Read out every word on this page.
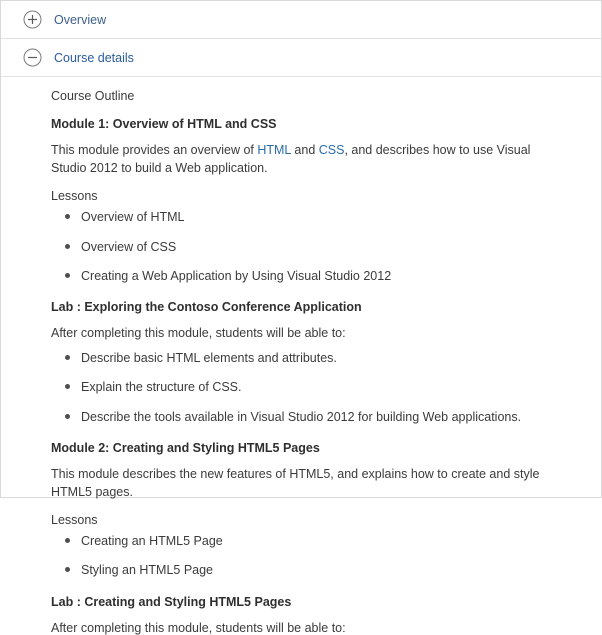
Overview
Course details
Course Outline
Module 1: Overview of HTML and CSS

This module provides an overview of HTML and CSS, and describes how to use Visual Studio 2012 to build a Web application.

Lessons
Overview of HTML
Overview of CSS
Creating a Web Application by Using Visual Studio 2012
Lab : Exploring the Contoso Conference Application
After completing this module, students will be able to:
Describe basic HTML elements and attributes.
Explain the structure of CSS.
Describe the tools available in Visual Studio 2012 for building Web applications.
Module 2: Creating and Styling HTML5 Pages

This module describes the new features of HTML5, and explains how to create and style HTML5 pages.

Lessons
Creating an HTML5 Page
Styling an HTML5 Page
Lab : Creating and Styling HTML5 Pages
After completing this module, students will be able to:
